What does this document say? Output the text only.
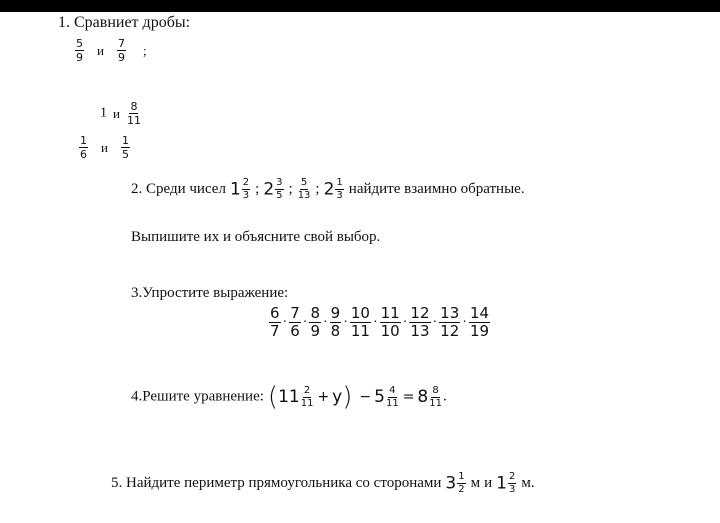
1. Сравниет дробы:
$\frac{5}{9}$ и $\frac{7}{9}$ ;
1 и $\frac{8}{11}$
$\frac{1}{6}$ и $\frac{1}{5}$
2. Среди чисел $1 \frac{2}{3}$ ; $2 \frac{3}{5}$ ; $\frac{5}{13}$ ; $2 \frac{1}{3}$ найдите взаимно обратные.
Выпишите их и объясните свой выбор.
3.Упростите выражение:
$\frac{6}{7} \cdot \frac{7}{6} \cdot \frac{8}{9} \cdot \frac{9}{8} \cdot \frac{10}{11} \cdot \frac{11}{10} \cdot \frac{12}{13} \cdot \frac{13}{12} \cdot \frac{14}{19}$
4.Решите уравнение: $(11 \frac{2}{11} + y) - 5 \frac{4}{11} = 8 \frac{8}{11}$ .
5. Найдите периметр прямоугольника со сторонами $3 \frac{1}{2}$ м и $1 \frac{2}{3} м$.
